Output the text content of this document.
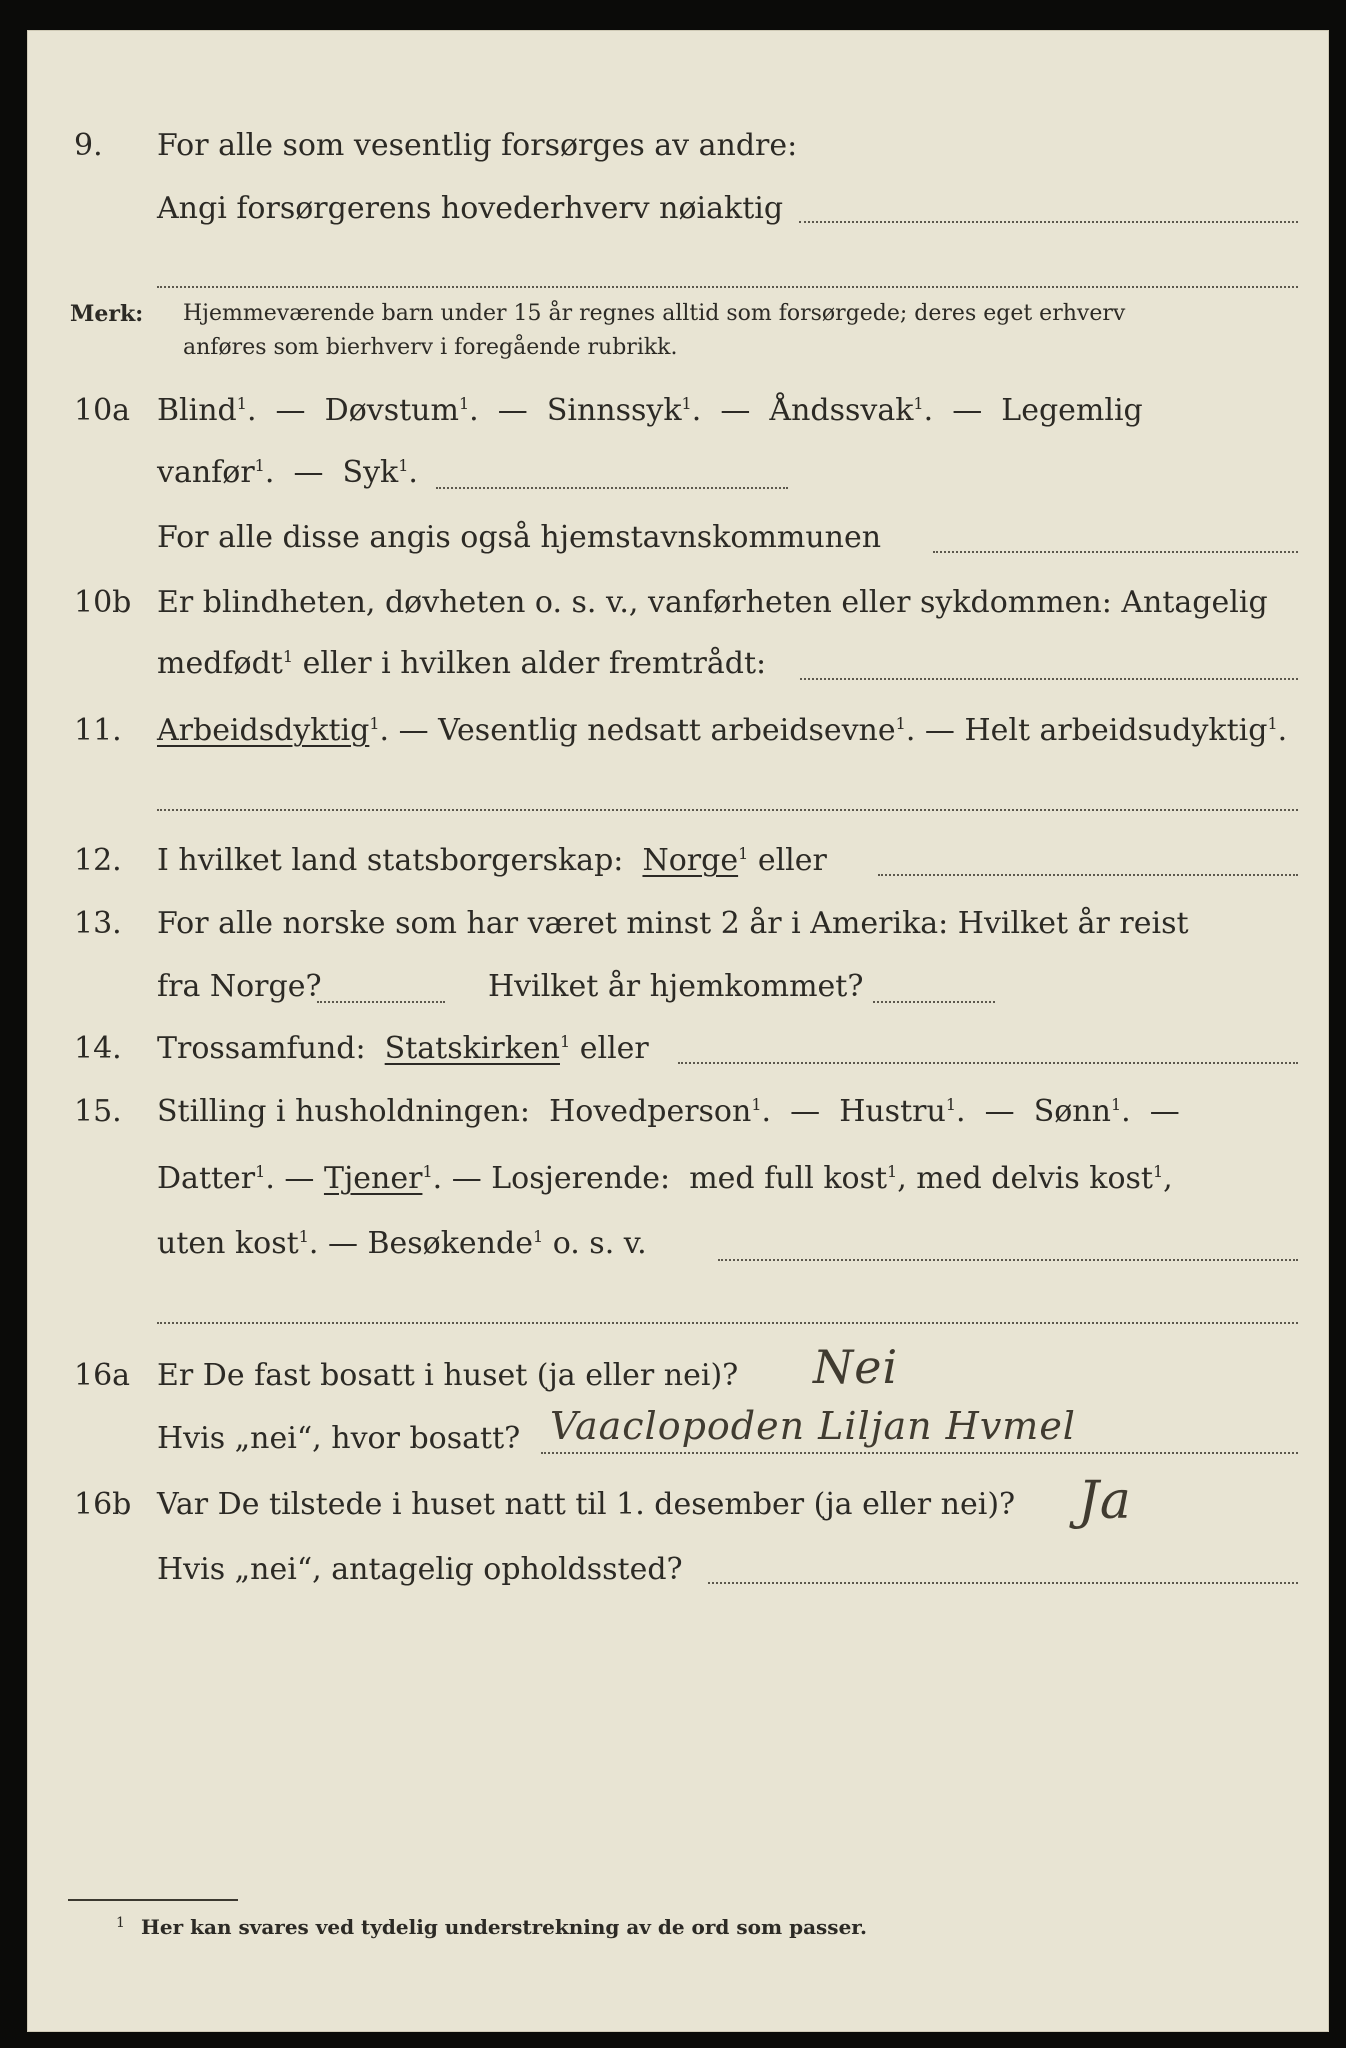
9. For alle som vesentlig forsørges av andre:
Angi forsørgerens hovederhverv nøiaktig
Merk: Hjemmeværende barn under 15 år regnes alltid som forsørgede; deres eget erhverv
anføres som bierhverv i foregående rubrikk.
10a Blind$^1$.  —  Døvstum$^1$.  —  Sinnssyk$^1$.  —  Åndssvak$^1$.  —  Legemlig
vanfør$^1$.  —  Syk$^1$.
For alle disse angis også hjemstavnskommunen
10b Er blindheten, døvheten o. s. v., vanførheten eller sykdommen: Antagelig
medfødt$^1$ eller i hvilken alder fremtrådt:
11. Arbeidsdyktig$^1$. — Vesentlig nedsatt arbeidsevne$^1$. — Helt arbeidsudyktig$^1$.
12. I hvilket land statsborgerskap: Norge$^1$ eller
13. For alle norske som har været minst 2 år i Amerika: Hvilket år reist
fra Norge?	Hvilket år hjemkommet?
14. Trossamfund: Statskirken$^1$ eller
15. Stilling i husholdningen: Hovedperson$^1$.  —  Hustru$^1$.  —  Sønn$^1$.  —
Datter$^1$. — Tjener$^1$. — Losjerende: med full kost$^1$, med delvis kost$^1$,
uten kost$^1$. — Besøkende$^1$ o. s. v.
16a Er De fast bosatt i huset (ja eller nei)? Nei
Hvis „nei“, hvor bosatt? Vaaclopoden Liljan Hvmel
16b Var De tilstede i huset natt til 1. desember (ja eller nei)? Ja
Hvis „nei“, antagelig opholdssted?
1 Her kan svares ved tydelig understrekning av de ord som passer.
